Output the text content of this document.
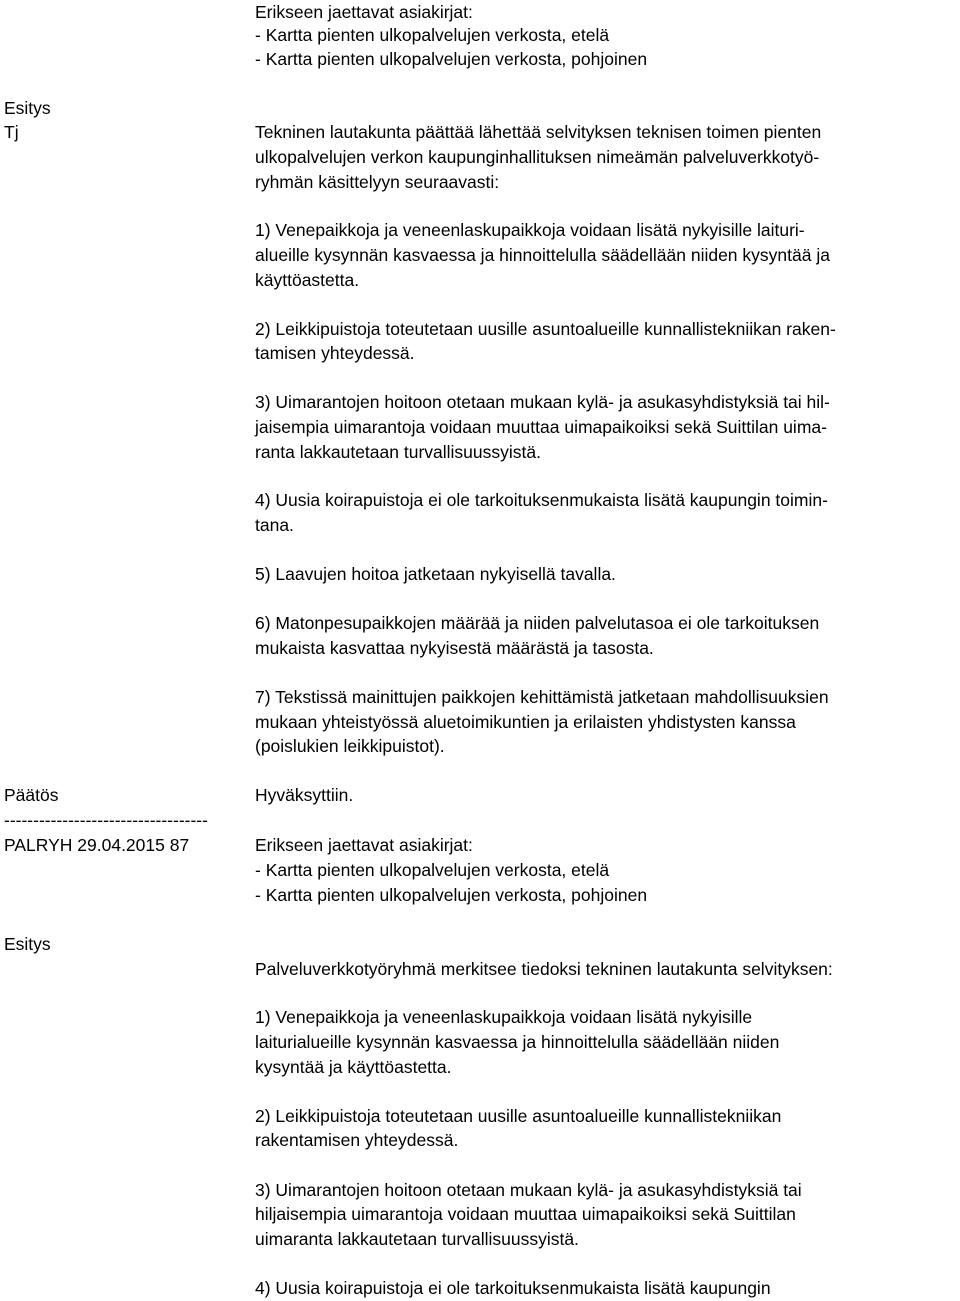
Erikseen jaettavat asiakirjat:
- Kartta pienten ulkopalvelujen verkosta, etelä
- Kartta pienten ulkopalvelujen verkosta, pohjoinen
Esitys
Tj	Tekninen lautakunta päättää lähettää selvityksen teknisen toimen pienten
ulkopalvelujen verkon kaupunginhallituksen nimeämän palveluverkkotyö-
ryhmän käsittelyyn seuraavasti:
1) Venepaikkoja ja veneenlaskupaikkoja voidaan lisätä nykyisille laituri-
alueille kysynnän kasvaessa ja hinnoittelulla säädellään niiden kysyntää ja
käyttöastetta.
2) Leikkipuistoja toteutetaan uusille asuntoalueille kunnallistekniikan raken-
tamisen yhteydessä.
3) Uimarantojen hoitoon otetaan mukaan kylä- ja asukasyhdistyksiä tai hil-
jaisempia uimarantoja voidaan muuttaa uimapaikoiksi sekä Suittilan uima-
ranta lakkautetaan turvallisuussyistä.
4) Uusia koirapuistoja ei ole tarkoituksenmukaista lisätä kaupungin toimin-
tana.
5) Laavujen hoitoa jatketaan nykyisellä tavalla.
6) Matonpesupaikkojen määrää ja niiden palvelutasoa ei ole tarkoituksen
mukaista kasvattaa nykyisestä määrästä ja tasosta.
7) Tekstissä mainittujen paikkojen kehittämistä jatketaan mahdollisuuksien
mukaan yhteistyössä aluetoimikuntien ja erilaisten yhdistysten kanssa
(poislukien leikkipuistot).
Päätös	Hyväksyttiin.
-----------------------------------
PALRYH 29.04.2015 87	Erikseen jaettavat asiakirjat:
- Kartta pienten ulkopalvelujen verkosta, etelä
- Kartta pienten ulkopalvelujen verkosta, pohjoinen
Esitys
Palveluverkkotyöryhmä merkitsee tiedoksi tekninen lautakunta selvityksen:
1) Venepaikkoja ja veneenlaskupaikkoja voidaan lisätä nykyisille
laiturialueille kysynnän kasvaessa ja hinnoittelulla säädellään niiden
kysyntää ja käyttöastetta.
2) Leikkipuistoja toteutetaan uusille asuntoalueille kunnallistekniikan
rakentamisen yhteydessä.
3) Uimarantojen hoitoon otetaan mukaan kylä- ja asukasyhdistyksiä tai
hiljaisempia uimarantoja voidaan muuttaa uimapaikoiksi sekä Suittilan
uimaranta lakkautetaan turvallisuussyistä.
4) Uusia koirapuistoja ei ole tarkoituksenmukaista lisätä kaupungin
